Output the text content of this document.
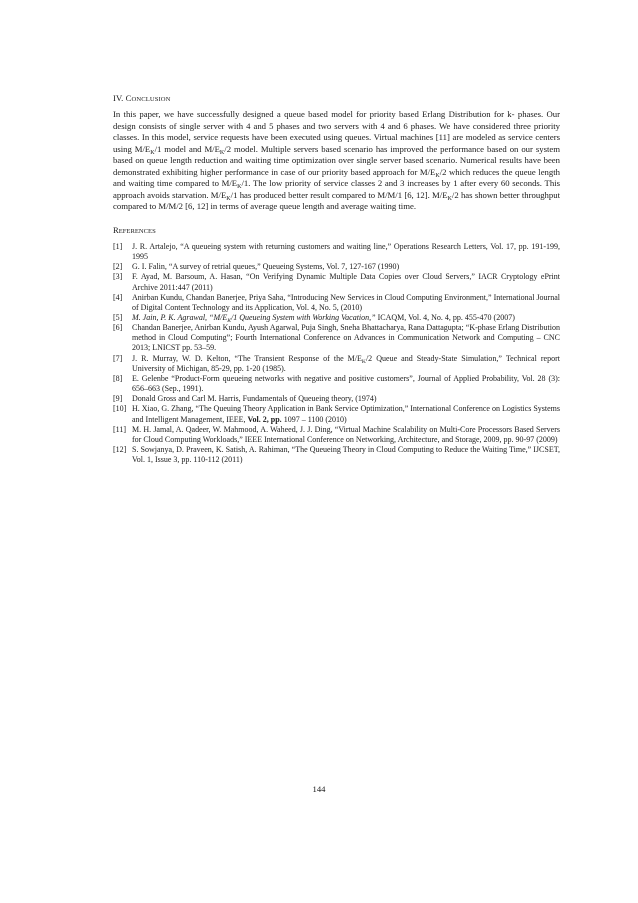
IV. CONCLUSION

In this paper, we have successfully designed a queue based model for priority based Erlang Distribution for k- phases. Our design consists of single server with 4 and 5 phases and two servers with 4 and 6 phases. We have considered three priority classes. In this model, service requests have been executed using queues. Virtual machines [11] are modeled as service centers using $M/E_K/1$ model and $M/E_K/2$ model. Multiple servers based scenario has improved the performance based on our system based on queue length reduction and waiting time optimization over single server based scenario. Numerical results have been demonstrated exhibiting higher performance in case of our priority based approach for $M/E_K/2$ which reduces the queue length and waiting time compared to $M/E_K/1$. The low priority of service classes 2 and 3 increases by 1 after every 60 seconds. This approach avoids starvation. $M/E_K/1$ has produced better result compared to M/M/1 [6, 12]. $M/E_K/2$ has shown better throughput compared to M/M/2 [6, 12] in terms of average queue length and average waiting time.

REFERENCES
[1]	J. R. Artalejo, “A queueing system with returning customers and waiting line,” Operations Research Letters, Vol. 17, pp. 191-199, 1995
[2]	G. I. Falin, “A survey of retrial queues,” Queueing Systems, Vol. 7, 127-167 (1990)
[3]	F. Ayad, M. Barsoum, A. Hasan, “On Verifying Dynamic Multiple Data Copies over Cloud Servers,” IACR Cryptology ePrint Archive 2011:447 (2011)
[4]	Anirban Kundu, Chandan Banerjee, Priya Saha, “Introducing New Services in Cloud Computing Environment,” International Journal of Digital Content Technology and its Application, Vol. 4, No. 5, (2010)
[5]	M. Jain, P. K. Agrawal, “$M/E_K/1$ Queueing System with Working Vacation,” ICAQM, Vol. 4, No. 4, pp. 455-470 (2007)
[6]	Chandan Banerjee, Anirban Kundu, Ayush Agarwal, Puja Singh, Sneha Bhattacharya, Rana Dattagupta; “K-phase Erlang Distribution method in Cloud Computing”; Fourth International Conference on Advances in Communication Network and Computing – CNC 2013; LNICST pp. 53–59.
[7]	J. R. Murray, W. D. Kelton, “The Transient Response of the $M/E_K/2$ Queue and Steady-State Simulation,” Technical report University of Michigan, 85-29, pp. 1-20 (1985).
[8]	E. Gelenbe “Product-Form queueing networks with negative and positive customers”, Journal of Applied Probability, Vol. 28 (3): 656–663 (Sep., 1991).
[9]	Donald Gross and Carl M. Harris, Fundamentals of Queueing theory, (1974)
[10] H. Xiao, G. Zhang, “The Queuing Theory Application in Bank Service Optimization,” International Conference on Logistics Systems and Intelligent Management, IEEE, Vol. 2, pp. 1097 – 1100 (2010)
[11] M. H. Jamal, A. Qadeer, W. Mahmood, A. Waheed, J. J. Ding, “Virtual Machine Scalability on Multi-Core Processors Based Servers for Cloud Computing Workloads,” IEEE International Conference on Networking, Architecture, and Storage, 2009, pp. 90-97 (2009)
[12] S. Sowjanya, D. Praveen, K. Satish, A. Rahiman, “The Queueing Theory in Cloud Computing to Reduce the Waiting Time,” IJCSET, Vol. 1, Issue 3, pp. 110-112 (2011)
144
